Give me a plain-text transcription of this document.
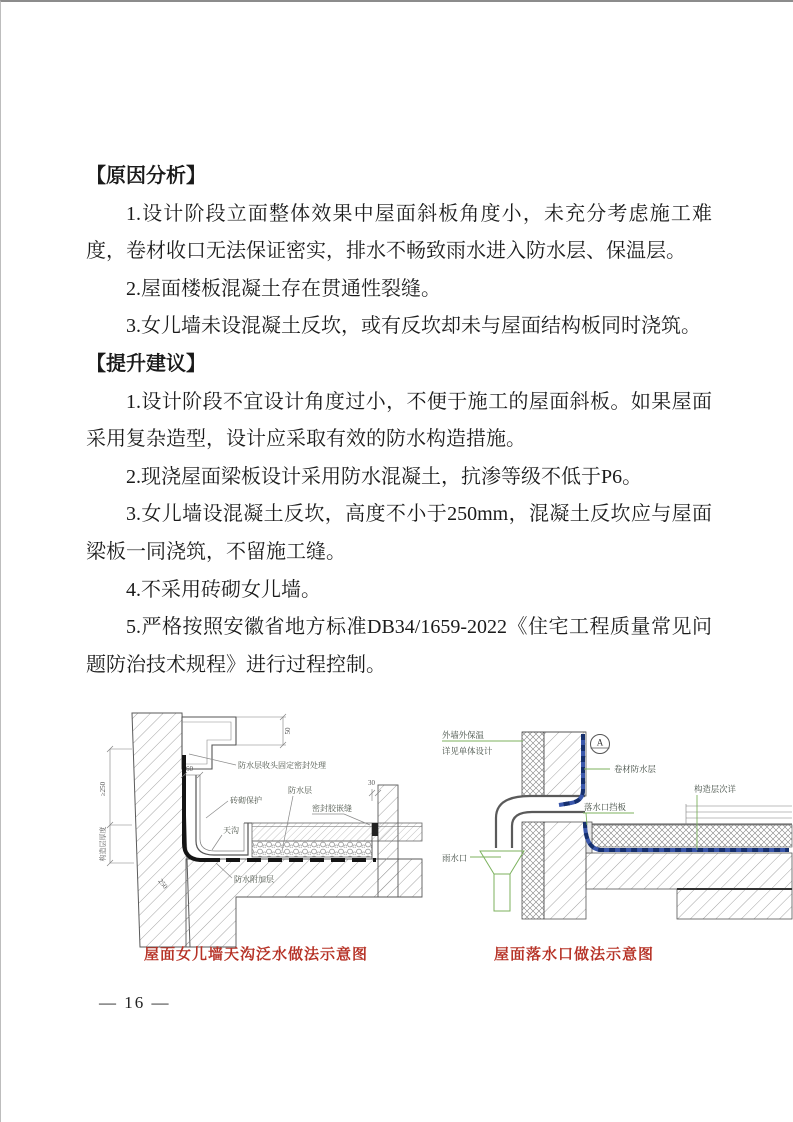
【原因分析】

1.设计阶段立面整体效果中屋面斜板角度小，未充分考虑施工难度，卷材收口无法保证密实，排水不畅致雨水进入防水层、保温层。

2.屋面楼板混凝土存在贯通性裂缝。

3.女儿墙未设混凝土反坎，或有反坎却未与屋面结构板同时浇筑。

【提升建议】

1.设计阶段不宜设计角度过小，不便于施工的屋面斜板。如果屋面采用复杂造型，设计应采取有效的防水构造措施。

2.现浇屋面梁板设计采用防水混凝土，抗渗等级不低于P6。

3.女儿墙设混凝土反坎，高度不小于250mm，混凝土反坎应与屋面梁板一同浇筑，不留施工缝。

4.不采用砖砌女儿墙。

5.严格按照安徽省地方标准DB34/1659-2022《住宅工程质量常见问题防治技术规程》进行过程控制。

≥250
构造层厚度
60
50
30
250
防水层收头固定密封处理
砖砌保护
防水层
密封胶嵌缝
天沟
防水附加层
A
外墙外保温
详见单体设计
卷材防水层
构造层次详
落水口挡板
雨水口
屋面女儿墙天沟泛水做法示意图	屋面落水口做法示意图
— 16 —
